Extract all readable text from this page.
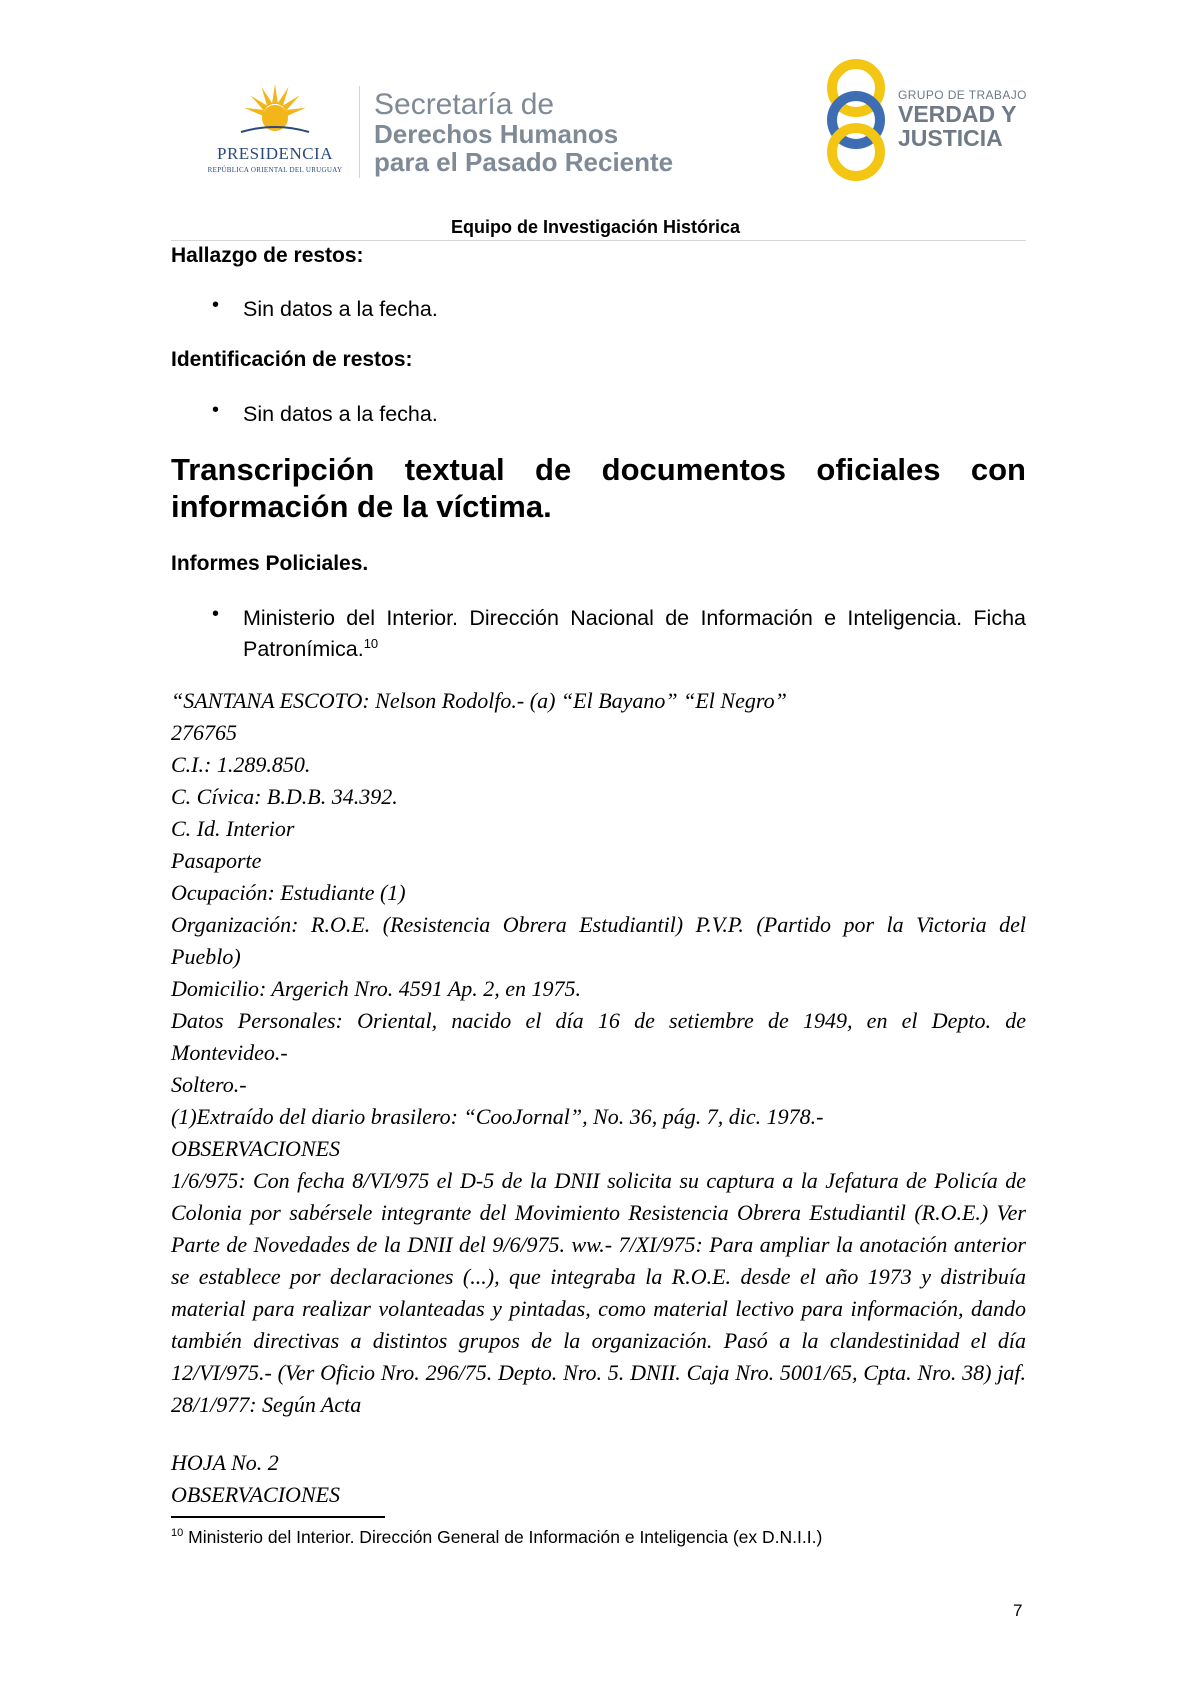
PRESIDENCIA
REPÚBLICA ORIENTAL DEL URUGUAY
Secretaría de
Derechos Humanos
para el Pasado Reciente
GRUPO DE TRABAJO
VERDAD Y
JUSTICIA
Equipo de Investigación Histórica
Hallazgo de restos:
• Sin datos a la fecha.
Identificación de restos:
• Sin datos a la fecha.
Transcripción textual de documentos oficiales con información de la víctima.
Informes Policiales.
• Ministerio del Interior. Dirección Nacional de Información e Inteligencia. Ficha Patronímica.$^{10}$
“SANTANA ESCOTO: Nelson Rodolfo.- (a) “El Bayano” “El Negro”
276765
C.I.: 1.289.850.
C. Cívica: B.D.B. 34.392.
C. Id. Interior
Pasaporte
Ocupación: Estudiante (1)
Organización: R.O.E. (Resistencia Obrera Estudiantil) P.V.P. (Partido por la Victoria del Pueblo)
Domicilio: Argerich Nro. 4591 Ap. 2, en 1975.
Datos Personales: Oriental, nacido el día 16 de setiembre de 1949, en el Depto. de Montevideo.-
Soltero.-
(1)Extraído del diario brasilero: “CooJornal”, No. 36, pág. 7, dic. 1978.-
OBSERVACIONES
1/6/975: Con fecha 8/VI/975 el D-5 de la DNII solicita su captura a la Jefatura de Policía de Colonia por sabérsele integrante del Movimiento Resistencia Obrera Estudiantil (R.O.E.) Ver Parte de Novedades de la DNII del 9/6/975. ww.- 7/XI/975: Para ampliar la anotación anterior se establece por declaraciones (...), que integraba la R.O.E. desde el año 1973 y distribuía material para realizar volanteadas y pintadas, como material lectivo para información, dando también directivas a distintos grupos de la organización. Pasó a la clandestinidad el día 12/VI/975.- (Ver Oficio Nro. 296/75. Depto. Nro. 5. DNII. Caja Nro. 5001/65, Cpta. Nro. 38) jaf. 28/1/977: Según Acta
HOJA No. 2
OBSERVACIONES
$^{10}$ Ministerio del Interior. Dirección General de Información e Inteligencia (ex D.N.I.I.)
7
